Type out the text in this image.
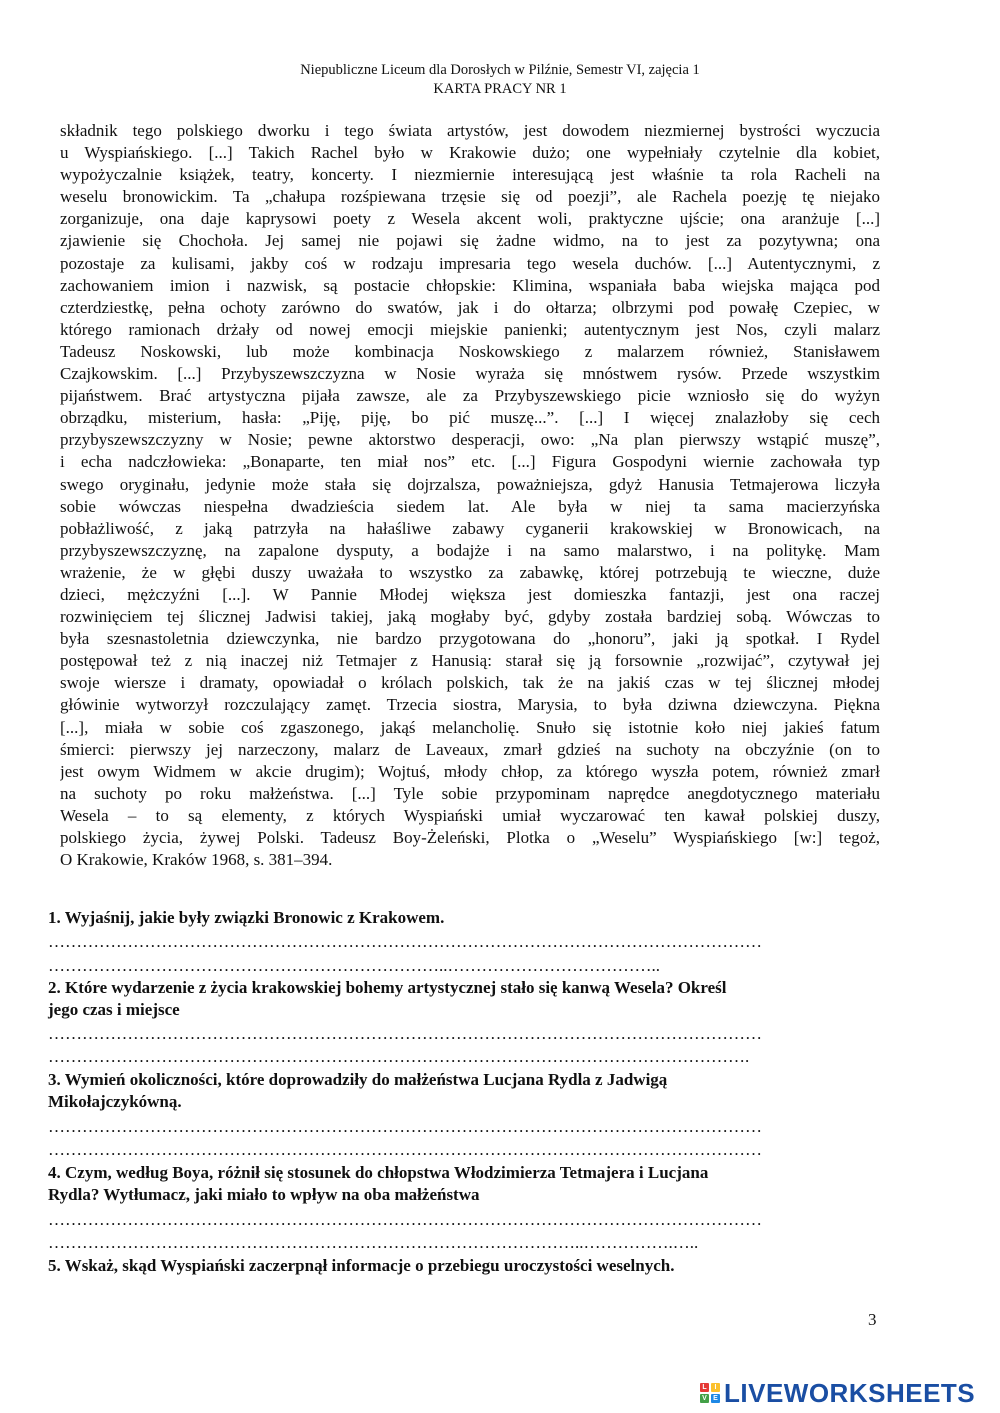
Niepubliczne Liceum dla Dorosłych w Pilźnie, Semestr VI, zajęcia 1
KARTA PRACY NR 1
składnik tego polskiego dworku i tego świata artystów, jest dowodem niezmiernej bystrości wyczucia
u Wyspiańskiego. [...] Takich Rachel było w Krakowie dużo; one wypełniały czytelnie dla kobiet,
wypożyczalnie książek, teatry, koncerty. I niezmiernie interesującą jest właśnie ta rola Racheli na
weselu bronowickim. Ta „chałupa rozśpiewana trzęsie się od poezji”, ale Rachela poezję tę niejako
zorganizuje, ona daje kaprysowi poety z Wesela akcent woli, praktyczne ujście; ona aranżuje [...]
zjawienie się Chochoła. Jej samej nie pojawi się żadne widmo, na to jest za pozytywna; ona
pozostaje za kulisami, jakby coś w rodzaju impresaria tego wesela duchów. [...] Autentycznymi, z
zachowaniem imion i nazwisk, są postacie chłopskie: Klimina, wspaniała baba wiejska mająca pod
czterdziestkę, pełna ochoty zarówno do swatów, jak i do ołtarza; olbrzymi pod powałę Czepiec, w
którego ramionach drżały od nowej emocji miejskie panienki; autentycznym jest Nos, czyli malarz
Tadeusz Noskowski, lub może kombinacja Noskowskiego z malarzem również, Stanisławem
Czajkowskim. [...] Przybyszewszczyzna w Nosie wyraża się mnóstwem rysów. Przede wszystkim
pijaństwem. Brać artystyczna pijała zawsze, ale za Przybyszewskiego picie wzniosło się do wyżyn
obrządku, misterium, hasła: „Piję, piję, bo pić muszę...”. [...] I więcej znalazłoby się cech
przybyszewszczyzny w Nosie; pewne aktorstwo desperacji, owo: „Na plan pierwszy wstąpić muszę”,
i echa nadczłowieka: „Bonaparte, ten miał nos” etc. [...] Figura Gospodyni wiernie zachowała typ
swego oryginału, jedynie może stała się dojrzalsza, poważniejsza, gdyż Hanusia Tetmajerowa liczyła
sobie wówczas niespełna dwadzieścia siedem lat. Ale była w niej ta sama macierzyńska
pobłażliwość, z jaką patrzyła na hałaśliwe zabawy cyganerii krakowskiej w Bronowicach, na
przybyszewszczyznę, na zapalone dysputy, a bodajże i na samo malarstwo, i na politykę. Mam
wrażenie, że w głębi duszy uważała to wszystko za zabawkę, której potrzebują te wieczne, duże
dzieci, mężczyźni [...]. W Pannie Młodej większa jest domieszka fantazji, jest ona raczej
rozwinięciem tej ślicznej Jadwisi takiej, jaką mogłaby być, gdyby została bardziej sobą. Wówczas to
była szesnastoletnia dziewczynka, nie bardzo przygotowana do „honoru”, jaki ją spotkał. I Rydel
postępował też z nią inaczej niż Tetmajer z Hanusią: starał się ją forsownie „rozwijać”, czytywał jej
swoje wiersze i dramaty, opowiadał o królach polskich, tak że na jakiś czas w tej ślicznej młodej
główinie wytworzył rozczulający zamęt. Trzecia siostra, Marysia, to była dziwna dziewczyna. Piękna
[...], miała w sobie coś zgaszonego, jakąś melancholię. Snuło się istotnie koło niej jakieś fatum
śmierci: pierwszy jej narzeczony, malarz de Laveaux, zmarł gdzieś na suchoty na obczyźnie (on to
jest owym Widmem w akcie drugim); Wojtuś, młody chłop, za którego wyszła potem, również zmarł
na suchoty po roku małżeństwa. [...] Tyle sobie przypominam naprędce anegdotycznego materiału
Wesela – to są elementy, z których Wyspiański umiał wyczarować ten kawał polskiej duszy,
polskiego życia, żywej Polski. Tadeusz Boy-Żeleński, Plotka o „Weselu” Wyspiańskiego [w:] tegoż,
O Krakowie, Kraków 1968, s. 381–394.
1. Wyjaśnij, jakie były związki Bronowic z Krakowem.
………………………………………………………………………………………………………………
……………………………………………………………..………………………………..
2. Które wydarzenie z życia krakowskiej bohemy artystycznej stało się kanwą Wesela? Określ
jego czas i miejsce
………………………………………………………………………………………………………………
…………………………………………………………………………………………………………….
3. Wymień okoliczności, które doprowadziły do małżeństwa Lucjana Rydla z Jadwigą
Mikołajczykówną.
………………………………………………………………………………………………………………
………………………………………………………………………………………………………………
4. Czym, według Boya, różnił się stosunek do chłopstwa Włodzimierza Tetmajera i Lucjana
Rydla? Wytłumacz, jaki miało to wpływ na oba małżeństwa
………………………………………………………………………………………………………………
…………………………………………………………………………………..…………….…..
5. Wskaż, skąd Wyspiański zaczerpnął informacje o przebiegu uroczystości weselnych.
3
L	I
V E LIVEWORKSHEETS
